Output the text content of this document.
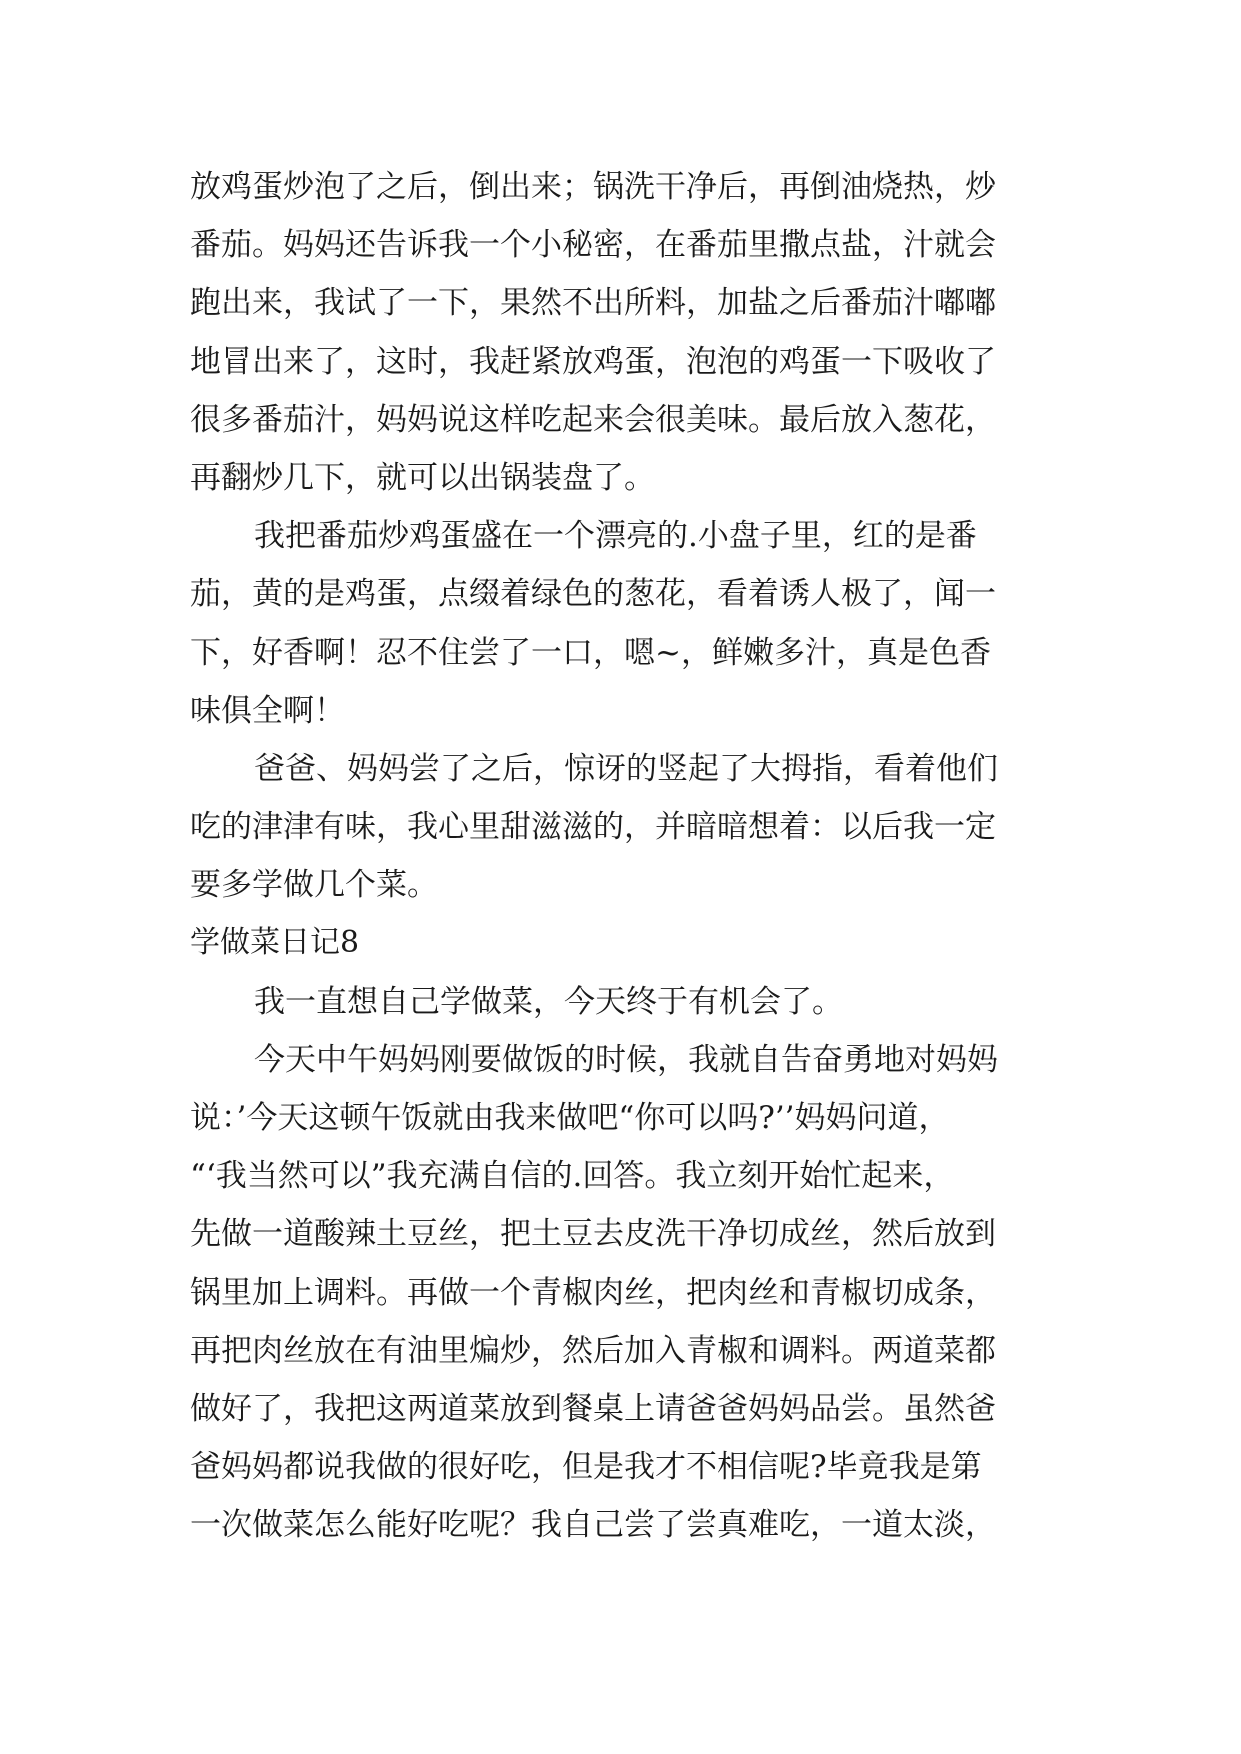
放鸡蛋炒泡了之后，倒出来；锅洗干净后，再倒油烧热，炒
番茄。妈妈还告诉我一个小秘密，在番茄里撒点盐，汁就会
跑出来，我试了一下，果然不出所料，加盐之后番茄汁嘟嘟
地冒出来了，这时，我赶紧放鸡蛋，泡泡的鸡蛋一下吸收了
很多番茄汁，妈妈说这样吃起来会很美味。最后放入葱花，
再翻炒几下，就可以出锅装盘了。
我把番茄炒鸡蛋盛在一个漂亮的.小盘子里，红的是番
茄，黄的是鸡蛋，点缀着绿色的葱花，看着诱人极了，闻一
下，好香啊！忍不住尝了一口，嗯~，鲜嫩多汁，真是色香
味俱全啊！
爸爸、妈妈尝了之后，惊讶的竖起了大拇指，看着他们
吃的津津有味，我心里甜滋滋的，并暗暗想着：以后我一定
要多学做几个菜。
学做菜日记8
我一直想自己学做菜，今天终于有机会了。
今天中午妈妈刚要做饭的时候，我就自告奋勇地对妈妈
说：’今天这顿午饭就由我来做吧“你可以吗?’’妈妈问道，
“‘我当然可以”我充满自信的.回答。我立刻开始忙起来，
先做一道酸辣土豆丝，把土豆去皮洗干净切成丝，然后放到
锅里加上调料。再做一个青椒肉丝，把肉丝和青椒切成条，
再把肉丝放在有油里煸炒，然后加入青椒和调料。两道菜都
做好了，我把这两道菜放到餐桌上请爸爸妈妈品尝。虽然爸
爸妈妈都说我做的很好吃，但是我才不相信呢?毕竟我是第
一次做菜怎么能好吃呢？我自己尝了尝真难吃，一道太淡，
